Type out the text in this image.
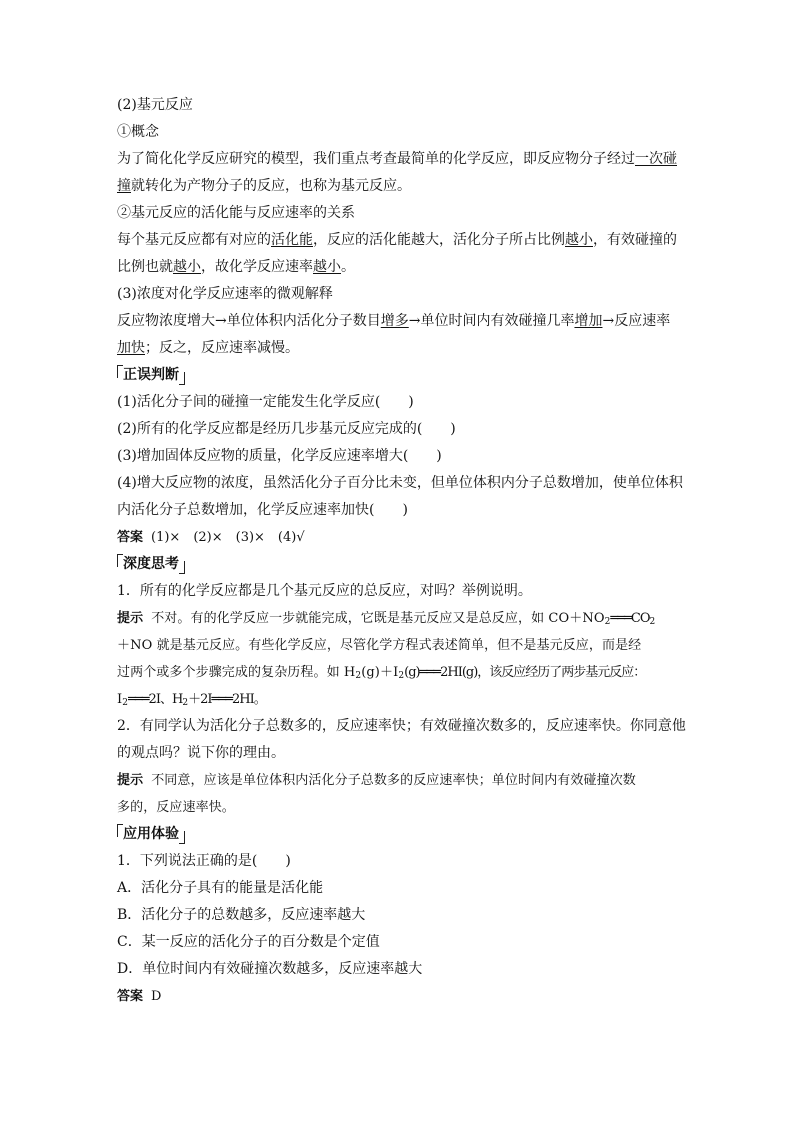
(2)基元反应
①概念
为了简化化学反应研究的模型，我们重点考查最简单的化学反应，即反应物分子经过一次碰
撞就转化为产物分子的反应，也称为基元反应。
②基元反应的活化能与反应速率的关系
每个基元反应都有对应的活化能，反应的活化能越大，活化分子所占比例越小，有效碰撞的
比例也就越小，故化学反应速率越小。
(3)浓度对化学反应速率的微观解释
反应物浓度增大→单位体积内活化分子数目增多→单位时间内有效碰撞几率增加→反应速率
加快；反之，反应速率减慢。
正误判断
(1)活化分子间的碰撞一定能发生化学反应(　　)
(2)所有的化学反应都是经历几步基元反应完成的(　　)
(3)增加固体反应物的质量，化学反应速率增大(　　)
(4)增大反应物的浓度，虽然活化分子百分比未变，但单位体积内分子总数增加，使单位体积
内活化分子总数增加，化学反应速率加快(　　)
答案 (1)×　(2)×　(3)×　(4)√
深度思考
1．所有的化学反应都是几个基元反应的总反应，对吗？举例说明。
提示 不对。有的化学反应一步就能完成，它既是基元反应又是总反应，如 $CO+NO_2═══CO_2$
＋NO 就是基元反应。有些化学反应，尽管化学方程式表述简单，但不是基元反应，而是经
过两个或多个步骤完成的复杂历程。如 $H_2(g)+I_2(g)═══2HI(g)$，该反应经历了两步基元反应：
$I_2═══2I$、$H_2+2I═══2HI$。
2．有同学认为活化分子总数多的，反应速率快；有效碰撞次数多的，反应速率快。你同意他
的观点吗？说下你的理由。
提示 不同意，应该是单位体积内活化分子总数多的反应速率快；单位时间内有效碰撞次数
多的，反应速率快。
应用体验
1．下列说法正确的是(　　)
A．活化分子具有的能量是活化能
B．活化分子的总数越多，反应速率越大
C．某一反应的活化分子的百分数是个定值
D．单位时间内有效碰撞次数越多，反应速率越大
答案 D
